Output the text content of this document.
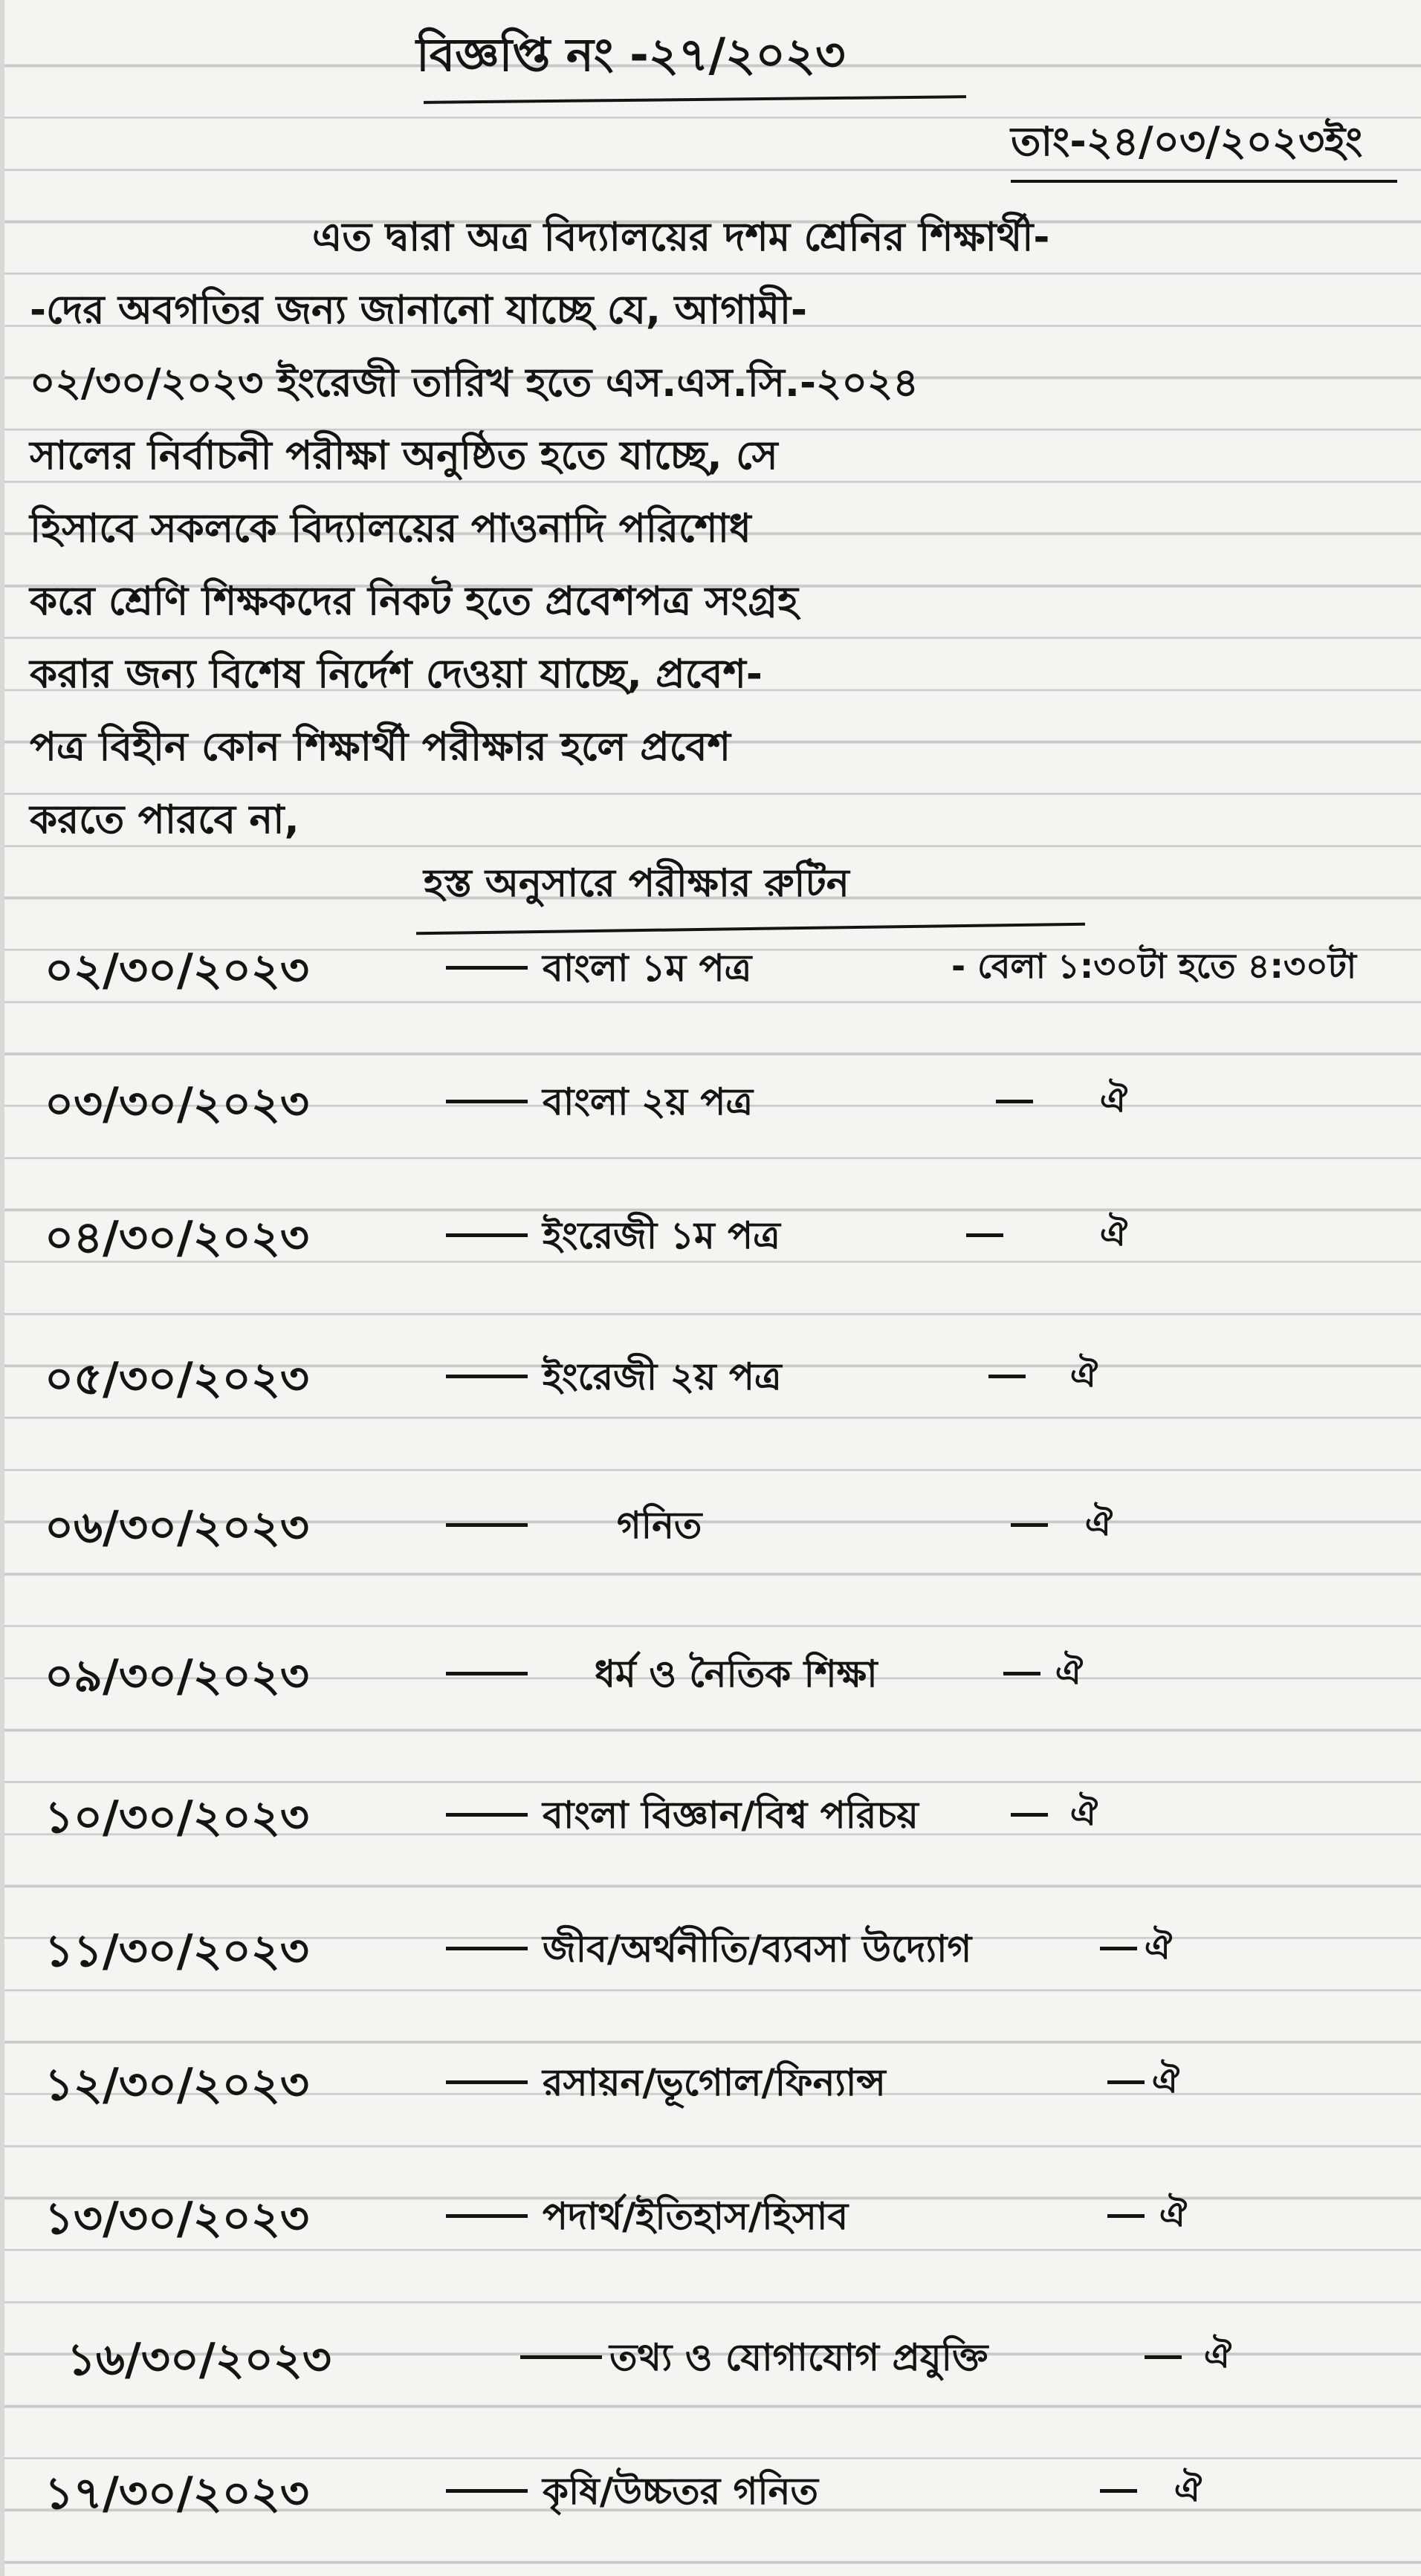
বিজ্ঞপ্তি নং -২৭/২০২৩
তাং-২৪/০৩/২০২৩ইং
এত দ্বারা অত্র বিদ্যালয়ের দশম শ্রেনির শিক্ষার্থী-
-দের অবগতির জন্য জানানো যাচ্ছে যে, আগামী-
০২/৩০/২০২৩ ইংরেজী তারিখ হতে এস.এস.সি.-২০২৪
সালের নির্বাচনী পরীক্ষা অনুষ্ঠিত হতে যাচ্ছে, সে
হিসাবে সকলকে বিদ্যালয়ের পাওনাদি পরিশোধ
করে শ্রেণি শিক্ষকদের নিকট হতে প্রবেশপত্র সংগ্রহ
করার জন্য বিশেষ নির্দেশ দেওয়া যাচ্ছে, প্রবেশ-
পত্র বিহীন কোন শিক্ষার্থী পরীক্ষার হলে প্রবেশ
করতে পারবে না,
হস্ত অনুসারে পরীক্ষার রুটিন
০২/৩০/২০২৩	বাংলা ১ম পত্র	- বেলা ১:৩০টা হতে ৪:৩০টা
০৩/৩০/২০২৩	বাংলা ২য় পত্র	ঐ
০৪/৩০/২০২৩	ইংরেজী ১ম পত্র	ঐ
০৫/৩০/২০২৩	ইংরেজী ২য় পত্র	ঐ
০৬/৩০/২০২৩	গনিত	ঐ
০৯/৩০/২০২৩	ধর্ম ও নৈতিক শিক্ষা	ঐ
১০/৩০/২০২৩	বাংলা বিজ্ঞান/বিশ্ব পরিচয়	ঐ
১১/৩০/২০২৩	জীব/অর্থনীতি/ব্যবসা উদ্যোগ	ঐ
১২/৩০/২০২৩	রসায়ন/ভূগোল/ফিন্যান্স	ঐ
১৩/৩০/২০২৩	পদার্থ/ইতিহাস/হিসাব	ঐ
১৬/৩০/২০২৩	তথ্য ও যোগাযোগ প্রযুক্তি	ঐ
১৭/৩০/২০২৩	কৃষি/উচ্চতর গনিত	ঐ
